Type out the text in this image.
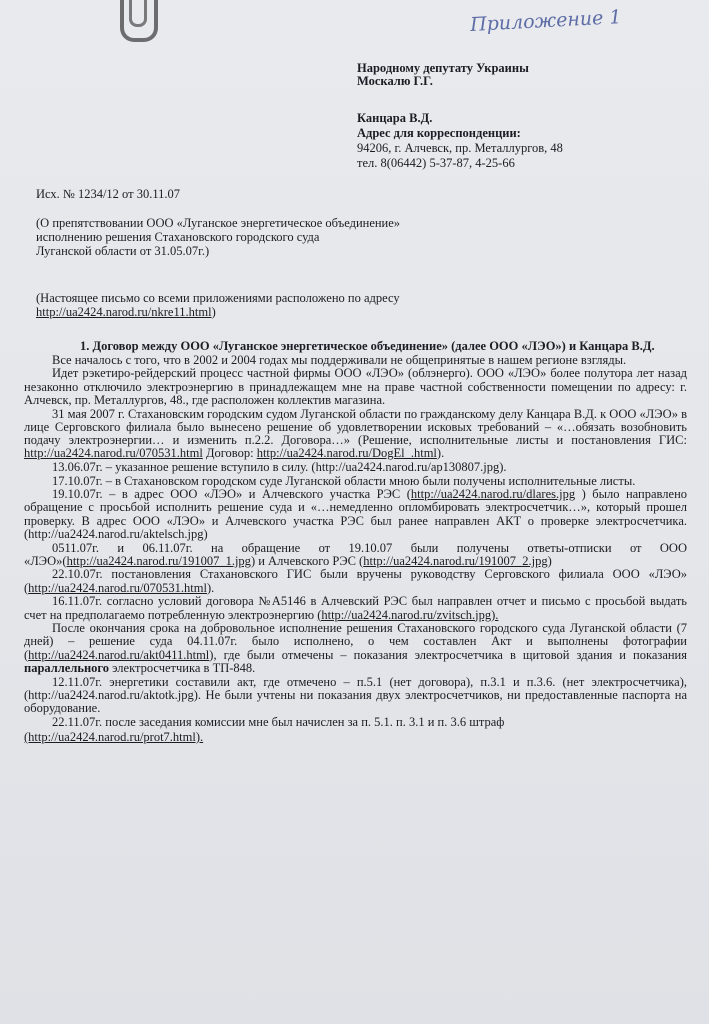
Приложение 1
Народному депутату Украины
Москалю Г.Г.
Канцара В.Д.
Адрес для корреспонденции:
94206, г. Алчевск, пр. Металлургов, 48
тел. 8(06442) 5-37-87, 4-25-66
Исх. № 1234/12 от 30.11.07
(О препятствовании ООО «Луганское энергетическое объединение»
исполнению решения Стахановского городского суда
Луганской области от 31.05.07г.)
(Настоящее письмо со всеми приложениями расположено по адресу
http://ua2424.narod.ru/nkre11.html)

1. Договор между ООО «Луганское энергетическое объединение» (далее ООО «ЛЭО») и Канцара В.Д.

Все началось с того, что в 2002 и 2004 годах мы поддерживали не общепринятые в нашем регионе взгляды.

Идет рэкетиро-рейдерский процесс частной фирмы ООО «ЛЭО» (облэнерго). ООО «ЛЭО» более полутора лет назад незаконно отключило электроэнергию в принадлежащем мне на праве частной собственности помещении по адресу: г. Алчевск, пр. Металлургов, 48., где расположен коллектив магазина.

31 мая 2007 г. Стахановским городским судом Луганской области по гражданскому делу Канцара В.Д. к ООО «ЛЭО» в лице Серговского филиала было вынесено решение об удовлетворении исковых требований – «…обязать возобновить подачу электроэнергии… и изменить п.2.2. Договора…» (Решение, исполнительные листы и постановления ГИС: http://ua2424.narod.ru/070531.html Договор: http://ua2424.narod.ru/DogEl_.html).

13.06.07г. – указанное решение вступило в силу. (http://ua2424.narod.ru/ap130807.jpg).

17.10.07г. – в Стахановском городском суде Луганской области мною были получены исполнительные листы.

19.10.07г. – в адрес ООО «ЛЭО» и Алчевского участка РЭС (http://ua2424.narod.ru/dlares.jpg ) было направлено обращение с просьбой исполнить решение суда и «…немедленно опломбировать электросчетчик…», который прошел проверку. В адрес ООО «ЛЭО» и Алчевского участка РЭС был ранее направлен АКТ о проверке электросчетчика. (http://ua2424.narod.ru/aktelsch.jpg)

0511.07г. и 06.11.07г. на обращение от 19.10.07 были получены ответы-отписки от ООО «ЛЭО»(http://ua2424.narod.ru/191007_1.jpg) и Алчевского РЭС (http://ua2424.narod.ru/191007_2.jpg)

22.10.07г. постановления Стахановского ГИС были вручены руководству Серговского филиала ООО «ЛЭО» (http://ua2424.narod.ru/070531.html).

16.11.07г. согласно условий договора №А5146 в Алчевский РЭС был направлен отчет и письмо с просьбой выдать счет на предполагаемо потребленную электроэнергию (http://ua2424.narod.ru/zvitsch.jpg).

После окончания срока на добровольное исполнение решения Стахановского городского суда Луганской области (7 дней) – решение суда 04.11.07г. было исполнено, о чем составлен Акт и выполнены фотографии (http://ua2424.narod.ru/akt0411.html), где были отмечены – показания электросчетчика в щитовой здания и показания параллельного электросчетчика в ТП-848.

12.11.07г. энергетики составили акт, где отмечено – п.5.1 (нет договора), п.3.1 и п.3.6. (нет электросчетчика), (http://ua2424.narod.ru/aktotk.jpg). Не были учтены ни показания двух электросчетчиков, ни предоставленные паспорта на оборудование.

22.11.07г. после заседания комиссии мне был начислен за п. 5.1. п. 3.1 и п. 3.6 штраф

(http://ua2424.narod.ru/prot7.html).
